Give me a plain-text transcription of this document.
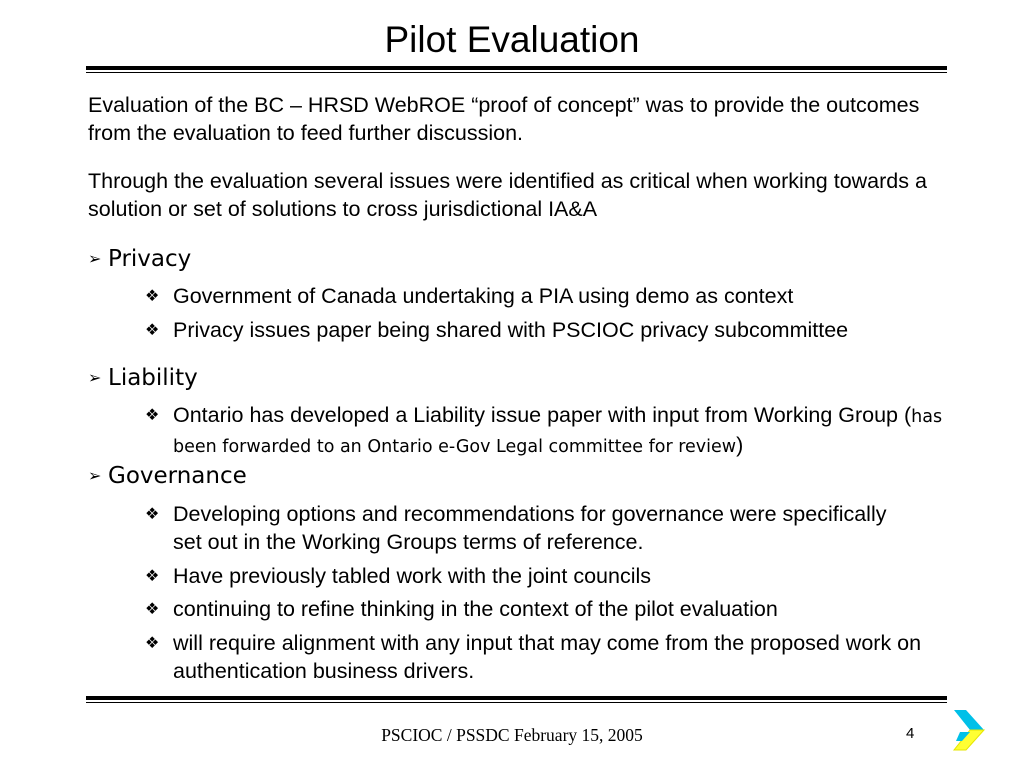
Pilot Evaluation
Evaluation of the BC – HRSD WebROE “proof of concept” was to provide the outcomes from the evaluation to feed further discussion.
Through the evaluation several issues were identified as critical when working towards a solution or set of solutions to cross jurisdictional IA&A
➢ Privacy
❖ Government of Canada undertaking a PIA using demo as context
❖ Privacy issues paper being shared with PSCIOC privacy subcommittee
➢ Liability
❖ Ontario has developed a Liability issue paper with input from Working Group (has been forwarded to an Ontario e-Gov Legal committee for review)
➢ Governance
❖ Developing options and recommendations for governance were specifically set out in the Working Groups terms of reference.
❖ Have previously tabled work with the joint councils
❖ continuing to refine thinking in the context of the pilot evaluation
❖ will require alignment with any input that may come from the proposed work on authentication business drivers.
PSCIOC / PSSDC February 15, 2005	4
